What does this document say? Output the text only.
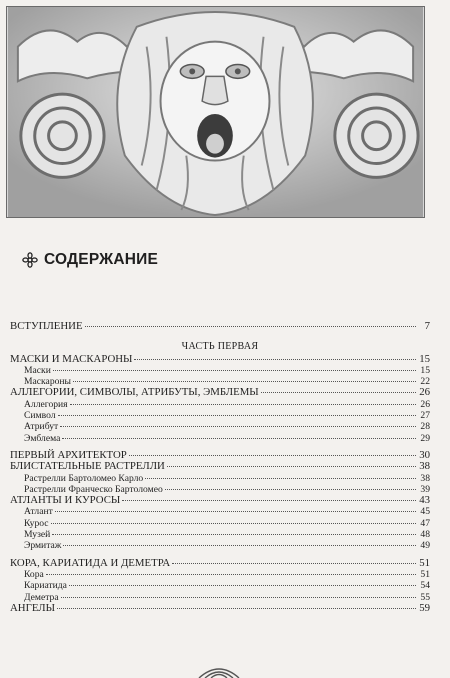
СОДЕРЖАНИЕ
ВСТУПЛЕНИЕ	7
ЧАСТЬ ПЕРВАЯ
МАСКИ И МАСКАРОНЫ	15
Маски	15
Маскароны	22
АЛЛЕГОРИИ, СИМВОЛЫ, АТРИБУТЫ, ЭМБЛЕМЫ	26
Аллегория	26
Символ	27
Атрибут	28
Эмблема	29
ПЕРВЫЙ АРХИТЕКТОР	30
БЛИСТАТЕЛЬНЫЕ РАСТРЕЛЛИ	38
Растрелли Бартоломео Карло	38
Растрелли Франческо Бартоломео	39
АТЛАНТЫ И КУРОСЫ	43
Атлант	45
Курос	47
Музей	48
Эрмитаж	49
КОРА, КАРИАТИДА И ДЕМЕТРА	51
Кора	51
Кариатида	54
Деметра	55
АНГЕЛЫ	59
